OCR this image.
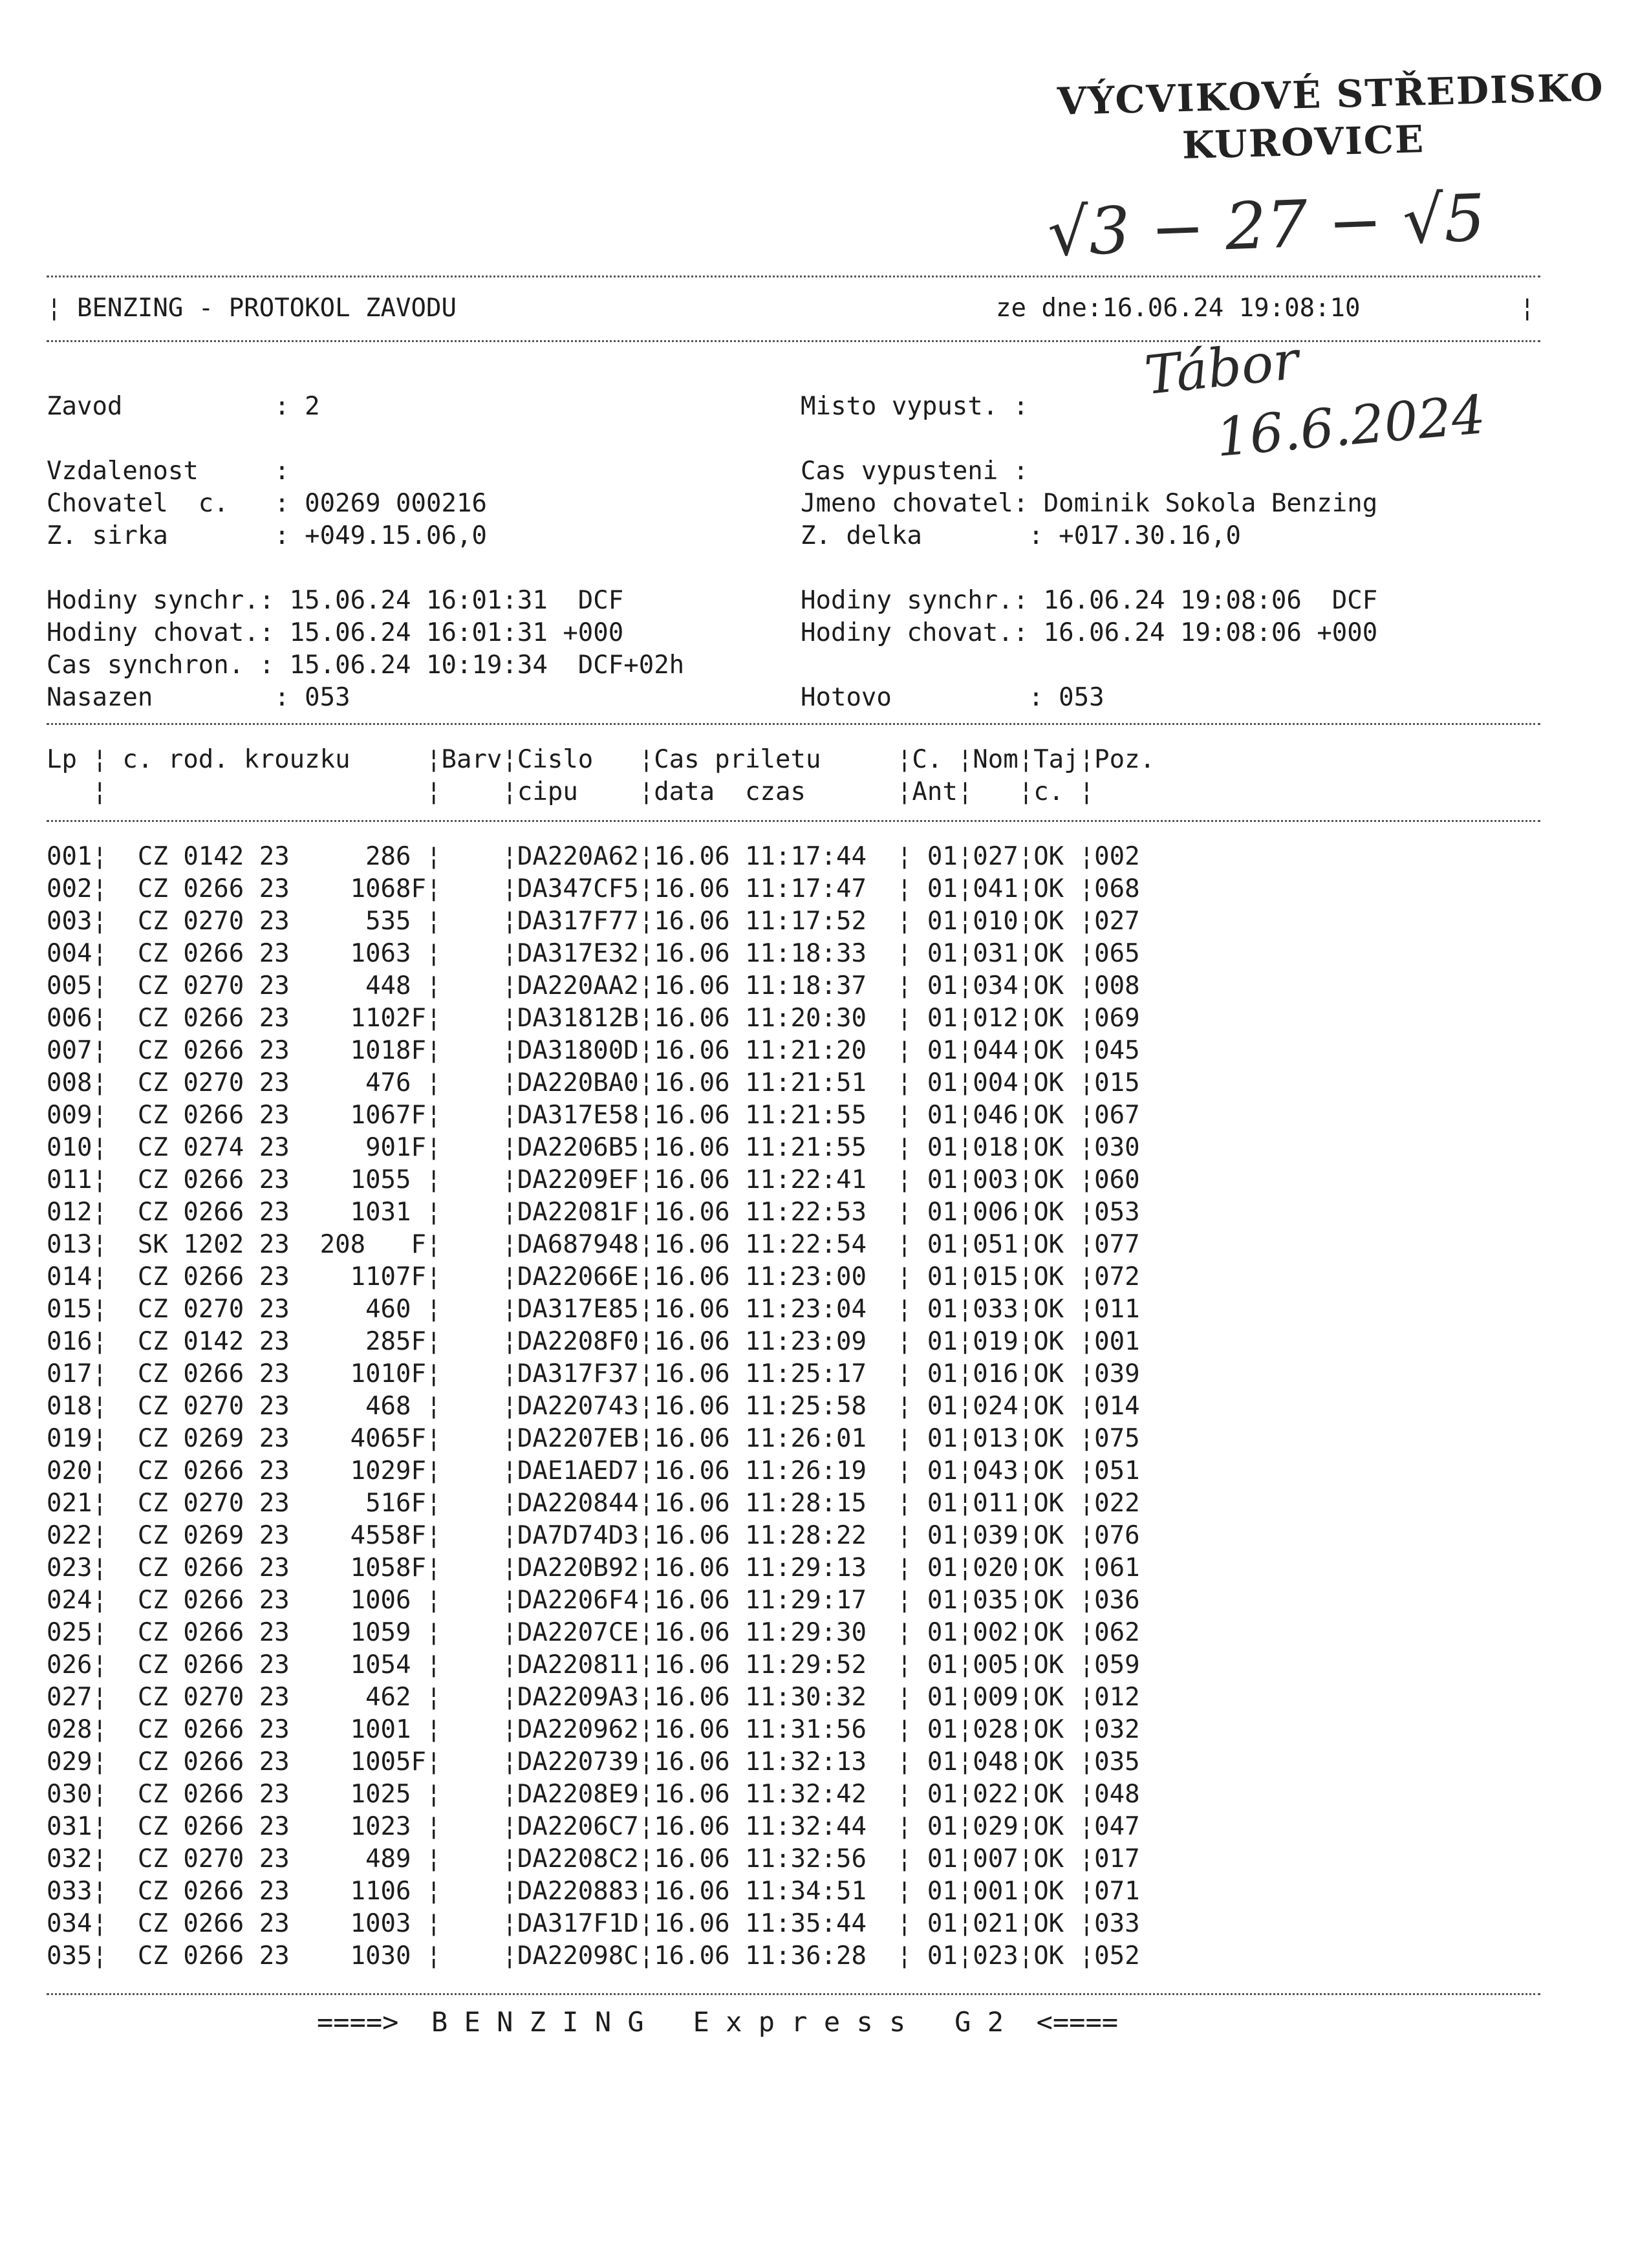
VÝCVIKOVÉ STŘEDISKO
KUROVICE
√3 − 27 − √5
Tábor
16.6.2024
¦ BENZING - PROTOKOL ZAVODU	ze dne:16.06.24 19:08:10	¦
Zavod          : 2
Vzdalenost     :
Chovatel  c.   : 00269 000216
Z. sirka       : +049.15.06,0
Hodiny synchr.: 15.06.24 16:01:31  DCF
Hodiny chovat.: 15.06.24 16:01:31 +000
Cas synchron. : 15.06.24 10:19:34  DCF+02h
Nasazen        : 053
Misto vypust. :
Cas vypusteni :
Jmeno chovatel: Dominik Sokola Benzing
Z. delka       : +017.30.16,0
Hodiny synchr.: 16.06.24 19:08:06  DCF
Hodiny chovat.: 16.06.24 19:08:06 +000
Hotovo         : 053
Lp ¦ c. rod. krouzku     ¦Barv¦Cislo   ¦Cas priletu     ¦C. ¦Nom¦Taj¦Poz.
¦                     ¦    ¦cipu    ¦data  czas      ¦Ant¦   ¦c. ¦
001¦  CZ 0142 23     286 ¦    ¦DA220A62¦16.06 11:17:44  ¦ 01¦027¦OK ¦002
002¦  CZ 0266 23    1068F¦    ¦DA347CF5¦16.06 11:17:47  ¦ 01¦041¦OK ¦068
003¦  CZ 0270 23     535 ¦    ¦DA317F77¦16.06 11:17:52  ¦ 01¦010¦OK ¦027
004¦  CZ 0266 23    1063 ¦    ¦DA317E32¦16.06 11:18:33  ¦ 01¦031¦OK ¦065
005¦  CZ 0270 23     448 ¦    ¦DA220AA2¦16.06 11:18:37  ¦ 01¦034¦OK ¦008
006¦  CZ 0266 23    1102F¦    ¦DA31812B¦16.06 11:20:30  ¦ 01¦012¦OK ¦069
007¦  CZ 0266 23    1018F¦    ¦DA31800D¦16.06 11:21:20  ¦ 01¦044¦OK ¦045
008¦  CZ 0270 23     476 ¦    ¦DA220BA0¦16.06 11:21:51  ¦ 01¦004¦OK ¦015
009¦  CZ 0266 23    1067F¦    ¦DA317E58¦16.06 11:21:55  ¦ 01¦046¦OK ¦067
010¦  CZ 0274 23     901F¦    ¦DA2206B5¦16.06 11:21:55  ¦ 01¦018¦OK ¦030
011¦  CZ 0266 23    1055 ¦    ¦DA2209EF¦16.06 11:22:41  ¦ 01¦003¦OK ¦060
012¦  CZ 0266 23    1031 ¦    ¦DA22081F¦16.06 11:22:53  ¦ 01¦006¦OK ¦053
013¦  SK 1202 23  208   F¦    ¦DA687948¦16.06 11:22:54  ¦ 01¦051¦OK ¦077
014¦  CZ 0266 23    1107F¦    ¦DA22066E¦16.06 11:23:00  ¦ 01¦015¦OK ¦072
015¦  CZ 0270 23     460 ¦    ¦DA317E85¦16.06 11:23:04  ¦ 01¦033¦OK ¦011
016¦  CZ 0142 23     285F¦    ¦DA2208F0¦16.06 11:23:09  ¦ 01¦019¦OK ¦001
017¦  CZ 0266 23    1010F¦    ¦DA317F37¦16.06 11:25:17  ¦ 01¦016¦OK ¦039
018¦  CZ 0270 23     468 ¦    ¦DA220743¦16.06 11:25:58  ¦ 01¦024¦OK ¦014
019¦  CZ 0269 23    4065F¦    ¦DA2207EB¦16.06 11:26:01  ¦ 01¦013¦OK ¦075
020¦  CZ 0266 23    1029F¦    ¦DAE1AED7¦16.06 11:26:19  ¦ 01¦043¦OK ¦051
021¦  CZ 0270 23     516F¦    ¦DA220844¦16.06 11:28:15  ¦ 01¦011¦OK ¦022
022¦  CZ 0269 23    4558F¦    ¦DA7D74D3¦16.06 11:28:22  ¦ 01¦039¦OK ¦076
023¦  CZ 0266 23    1058F¦    ¦DA220B92¦16.06 11:29:13  ¦ 01¦020¦OK ¦061
024¦  CZ 0266 23    1006 ¦    ¦DA2206F4¦16.06 11:29:17  ¦ 01¦035¦OK ¦036
025¦  CZ 0266 23    1059 ¦    ¦DA2207CE¦16.06 11:29:30  ¦ 01¦002¦OK ¦062
026¦  CZ 0266 23    1054 ¦    ¦DA220811¦16.06 11:29:52  ¦ 01¦005¦OK ¦059
027¦  CZ 0270 23     462 ¦    ¦DA2209A3¦16.06 11:30:32  ¦ 01¦009¦OK ¦012
028¦  CZ 0266 23    1001 ¦    ¦DA220962¦16.06 11:31:56  ¦ 01¦028¦OK ¦032
029¦  CZ 0266 23    1005F¦    ¦DA220739¦16.06 11:32:13  ¦ 01¦048¦OK ¦035
030¦  CZ 0266 23    1025 ¦    ¦DA2208E9¦16.06 11:32:42  ¦ 01¦022¦OK ¦048
031¦  CZ 0266 23    1023 ¦    ¦DA2206C7¦16.06 11:32:44  ¦ 01¦029¦OK ¦047
032¦  CZ 0270 23     489 ¦    ¦DA2208C2¦16.06 11:32:56  ¦ 01¦007¦OK ¦017
033¦  CZ 0266 23    1106 ¦    ¦DA220883¦16.06 11:34:51  ¦ 01¦001¦OK ¦071
034¦  CZ 0266 23    1003 ¦    ¦DA317F1D¦16.06 11:35:44  ¦ 01¦021¦OK ¦033
035¦  CZ 0266 23    1030 ¦    ¦DA22098C¦16.06 11:36:28  ¦ 01¦023¦OK ¦052
====>  B E N Z I N G   E x p r e s s   G 2  <====
